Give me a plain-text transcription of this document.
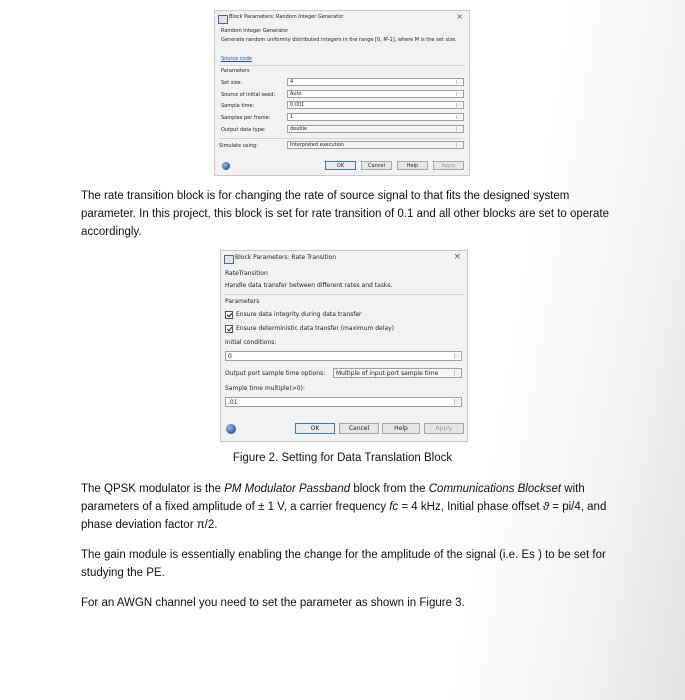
Block Parameters: Random Integer Generator	×
Random Integer Generator
Generate random uniformly distributed integers in the range [0, M-1], where M is the set size.
Source code
Parameters
Set size:	4
Source of initial seed:	Auto
Sample time:	0.001
Samples per frame:	1
Output data type:	double
Simulate using:	Interpreted execution
OK	Cancel	Help	Apply
The rate transition block is for changing the rate of source signal to that fits the designed system parameter. In this project, this block is set for rate transition of 0.1 and all other blocks are set to operate accordingly.
Block Parameters: Rate Transition	×
RateTransition
Handle data transfer between different rates and tasks.
Parameters
Ensure data integrity during data transfer
Ensure deterministic data transfer (maximum delay)
Initial conditions:
0
Output port sample time options:	Multiple of input port sample time
Sample time multiple(>0):
.01
OK	Cancel	Help	Apply
Figure 2. Setting for Data Translation Block
The QPSK modulator is the PM Modulator Passband block from the Communications Blockset with parameters of a fixed amplitude of ± 1 V, a carrier frequency fc = 4 kHz, Initial phase offset ϑ = pi/4, and phase deviation factor π/2.
The gain module is essentially enabling the change for the amplitude of the signal (i.e. Es ) to be set for studying the PE.
For an AWGN channel you need to set the parameter as shown in Figure 3.
